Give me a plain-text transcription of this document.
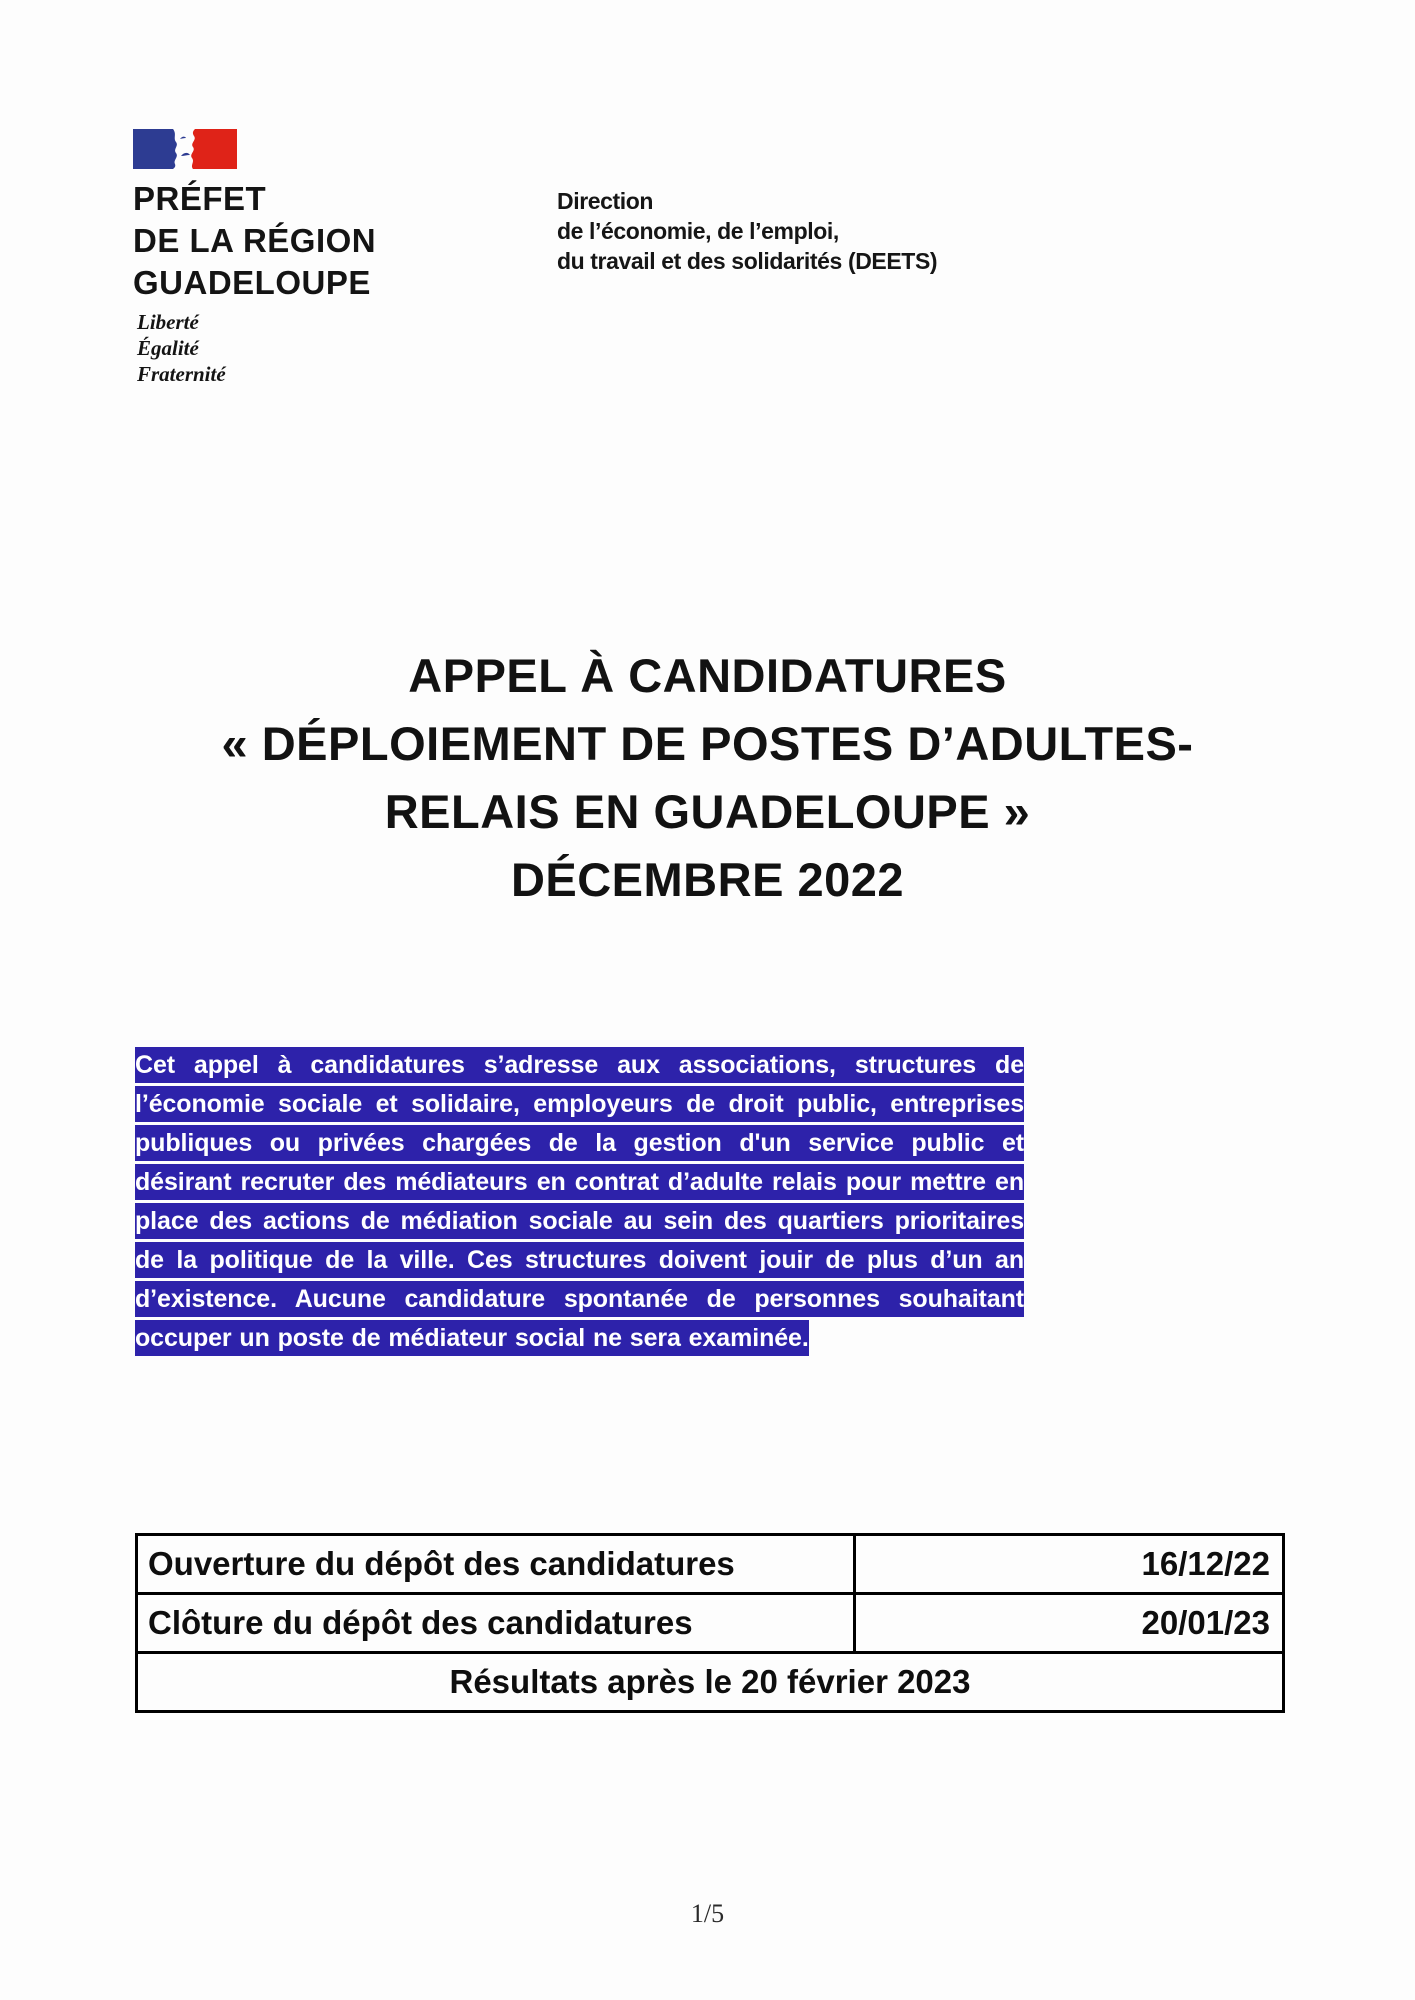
PRÉFET
DE LA RÉGION
GUADELOUPE
Liberté
Égalité
Fraternité
Direction
de l’économie, de l’emploi,
du travail et des solidarités (DEETS)
APPEL À CANDIDATURES
« DÉPLOIEMENT DE POSTES D’ADULTES-
RELAIS EN GUADELOUPE »
DÉCEMBRE 2022

Cet appel à candidatures s’adresse aux associations, structures de l’économie sociale et solidaire, employeurs de droit public, entreprises publiques ou privées chargées de la gestion d'un service public et désirant recruter des médiateurs en contrat d’adulte relais pour mettre en place des actions de médiation sociale au sein des quartiers prioritaires de la politique de la ville. Ces structures doivent jouir de plus d’un an d’existence. Aucune candidature spontanée de personnes souhaitant occuper un poste de médiateur social ne sera examinée.

Ouverture du dépôt des candidatures	16/12/22
Clôture du dépôt des candidatures	20/01/23
Résultats après le 20 février 2023	
1/5
